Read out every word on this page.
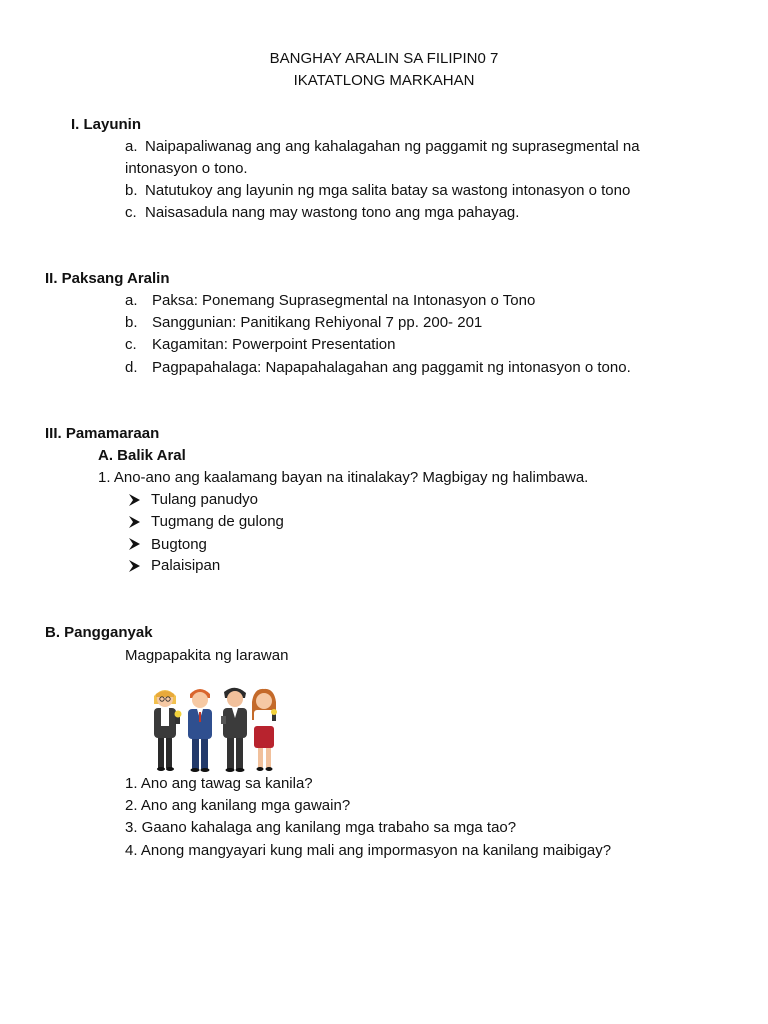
BANGHAY ARALIN SA FILIPIN0 7
IKATATLONG MARKAHAN
I. Layunin
a. Naipapaliwanag ang ang kahalagahan ng paggamit ng suprasegmental na
intonasyon o tono.
b. Natutukoy ang layunin ng mga salita batay sa wastong intonasyon o tono
c. Naisasadula nang may wastong tono ang mga pahayag.
II. Paksang Aralin
a. Paksa: Ponemang Suprasegmental na Intonasyon o Tono
b. Sanggunian: Panitikang Rehiyonal 7 pp. 200- 201
c. Kagamitan: Powerpoint Presentation
d. Pagpapahalaga: Napapahalagahan ang paggamit ng intonasyon o tono.
III. Pamamaraan
A. Balik Aral
1. Ano-ano ang kaalamang bayan na itinalakay? Magbigay ng halimbawa.
Tulang panudyo
Tugmang de gulong
Bugtong
Palaisipan
B. Pangganyak
Magpapakita ng larawan
1. Ano ang tawag sa kanila?
2. Ano ang kanilang mga gawain?
3. Gaano kahalaga ang kanilang mga trabaho sa mga tao?
4. Anong mangyayari kung mali ang impormasyon na kanilang maibigay?
